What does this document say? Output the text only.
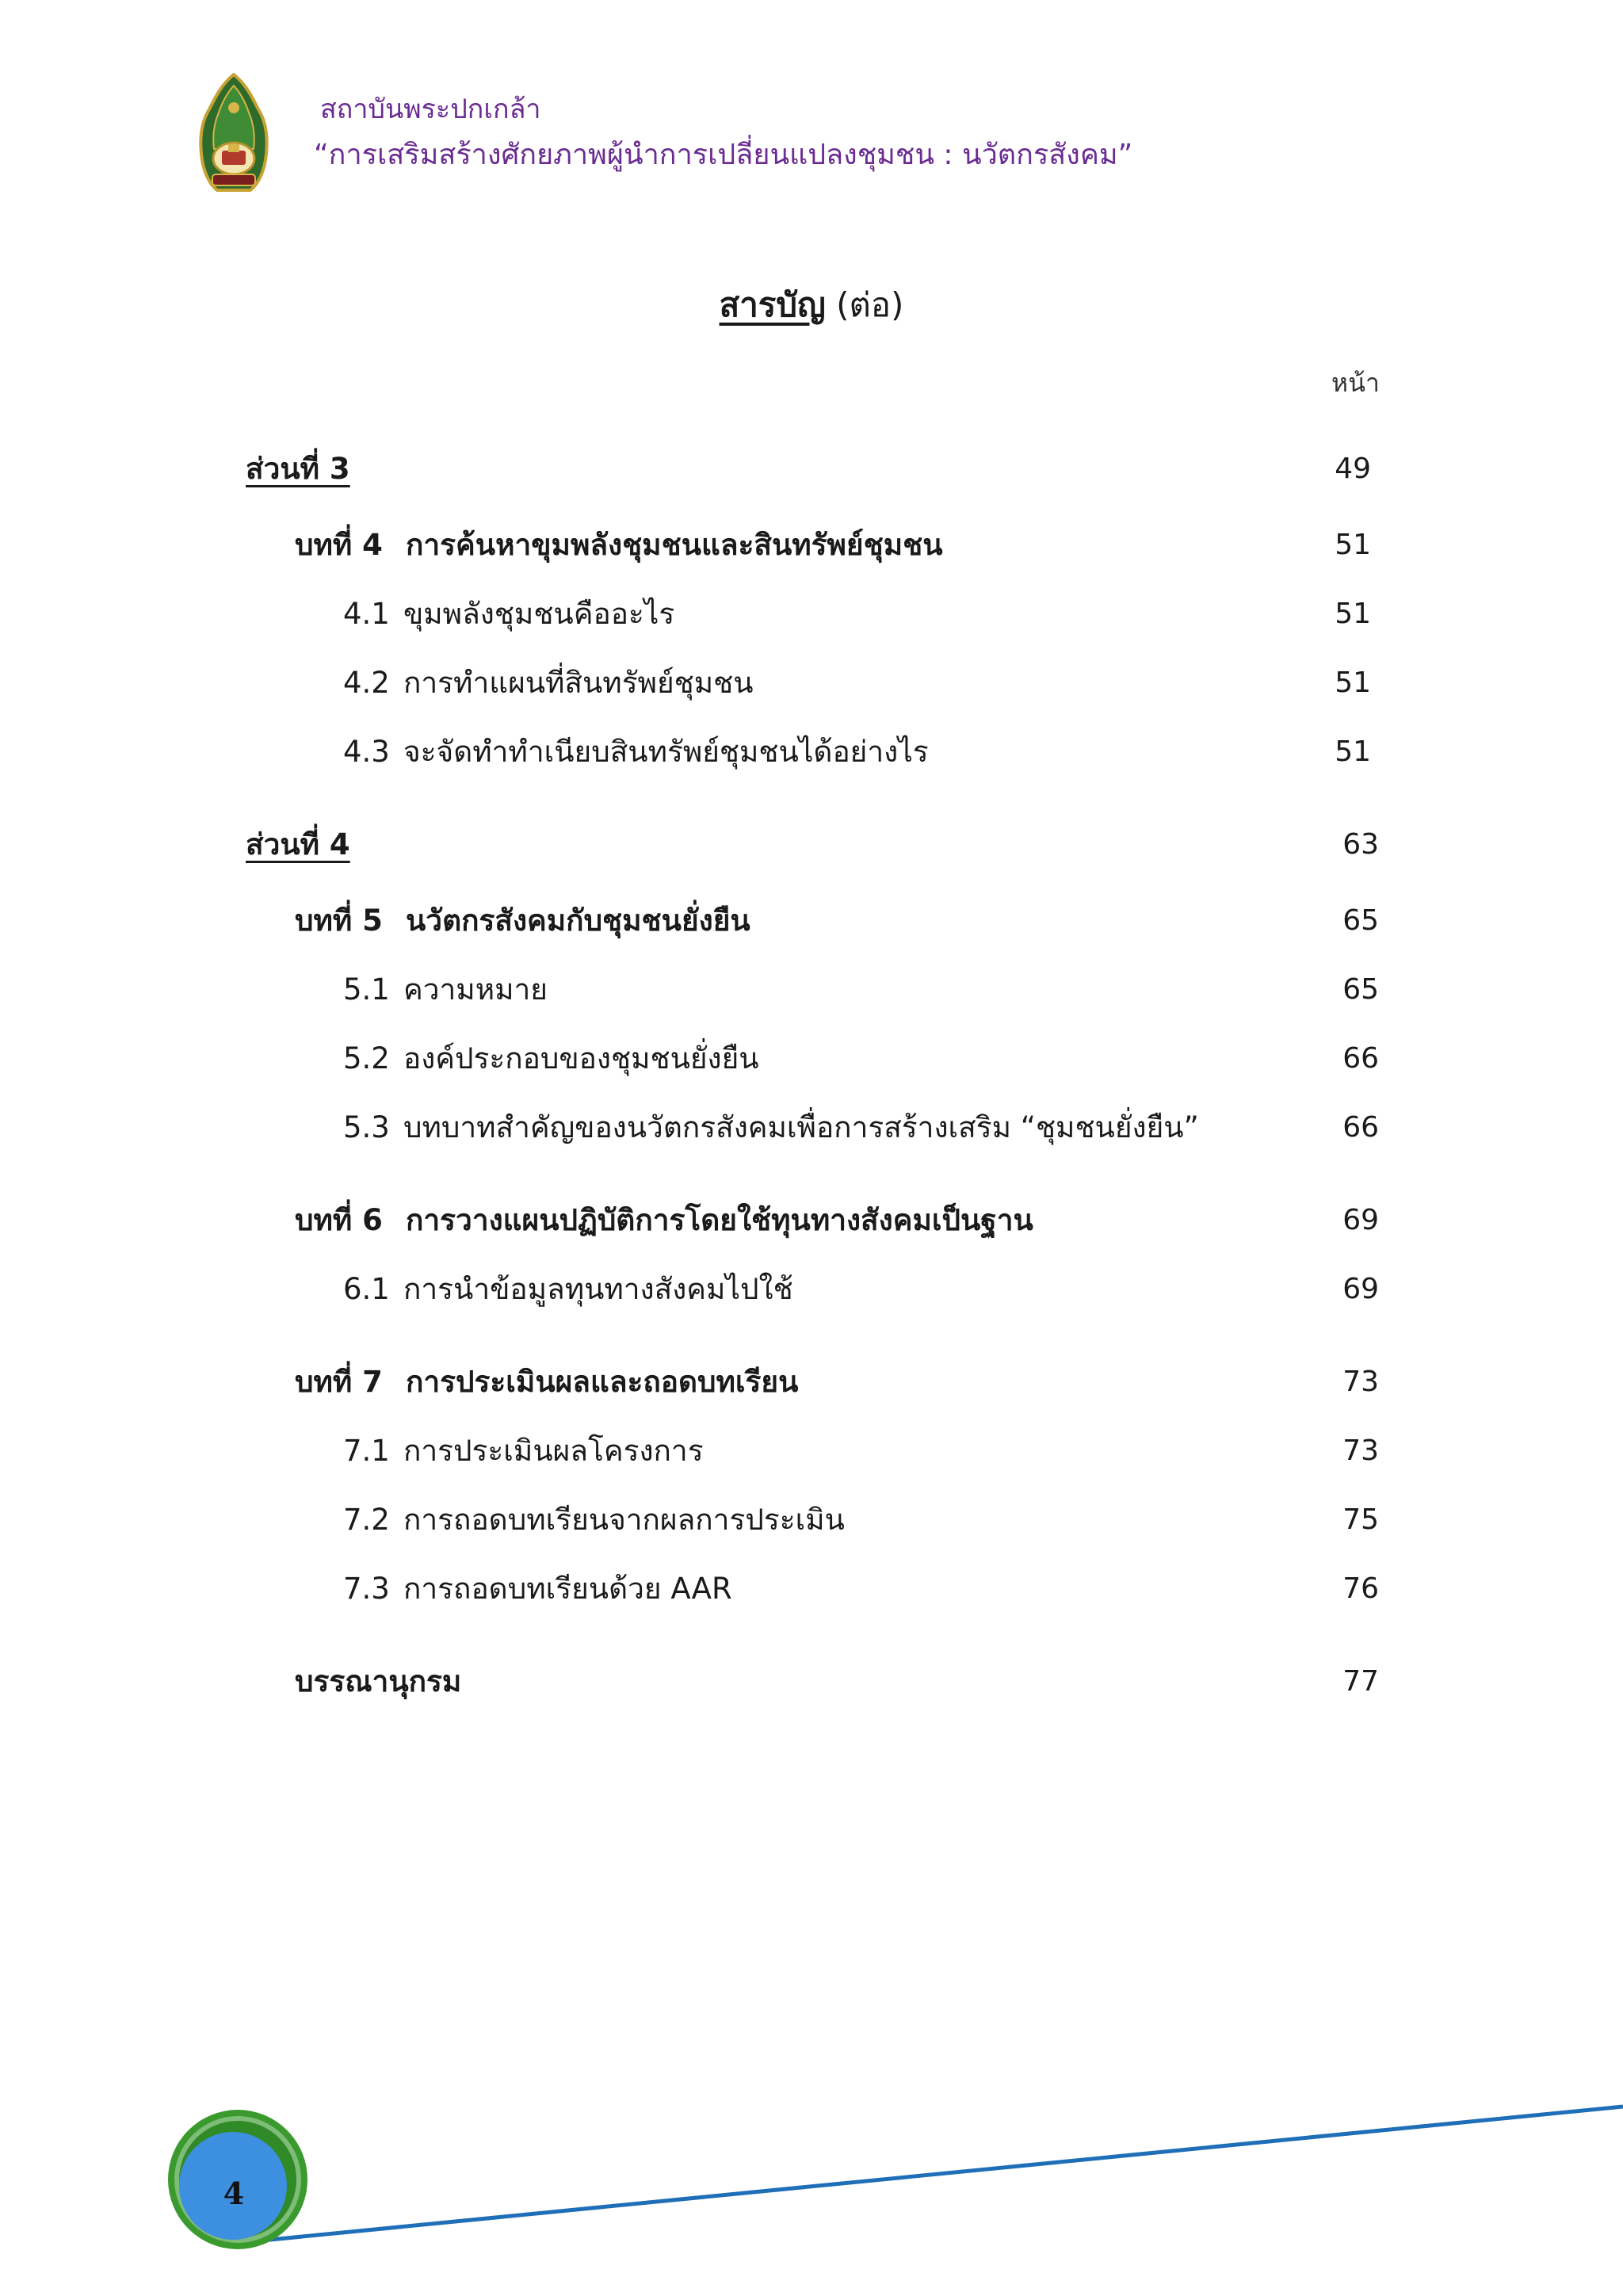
สถาบันพระปกเกล้า
“การเสริมสร้างศักยภาพผู้นำการเปลี่ยนแปลงชุมชน : นวัตกรสังคม”
สารบัญ (ต่อ)
หน้า
ส่วนที่ 3	49
บทที่ 4 การค้นหาขุมพลังชุมชนและสินทรัพย์ชุมชน	51
4.1 ขุมพลังชุมชนคืออะไร	51
4.2 การทำแผนที่สินทรัพย์ชุมชน	51
4.3 จะจัดทำทำเนียบสินทรัพย์ชุมชนได้อย่างไร	51
ส่วนที่ 4	63
บทที่ 5 นวัตกรสังคมกับชุมชนยั่งยืน	65
5.1 ความหมาย	65
5.2 องค์ประกอบของชุมชนยั่งยืน	66
5.3 บทบาทสำคัญของนวัตกรสังคมเพื่อการสร้างเสริม “ชุมชนยั่งยืน”	66
บทที่ 6 การวางแผนปฏิบัติการโดยใช้ทุนทางสังคมเป็นฐาน	69
6.1 การนำข้อมูลทุนทางสังคมไปใช้	69
บทที่ 7 การประเมินผลและถอดบทเรียน	73
7.1 การประเมินผลโครงการ	73
7.2 การถอดบทเรียนจากผลการประเมิน	75
7.3 การถอดบทเรียนด้วย AAR	76
บรรณานุกรม	77
4
